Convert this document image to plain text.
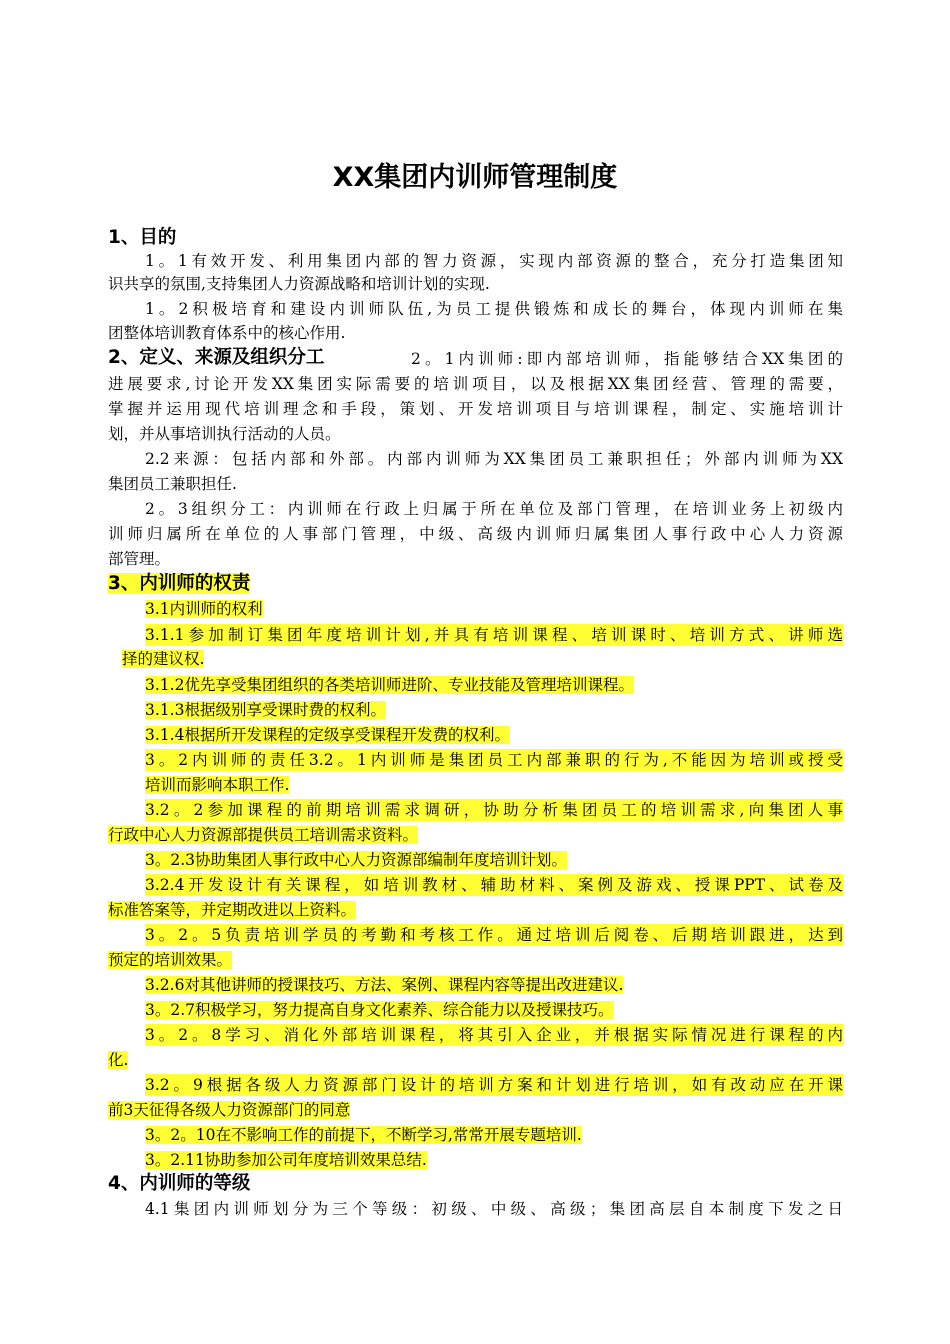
XX集团内训师管理制度
1、目的
1。1有效开发、利用集团内部的智力资源，实现内部资源的整合，充分打造集团知
识共享的氛围,支持集团人力资源战略和培训计划的实现.
1。2积极培育和建设内训师队伍,为员工提供锻炼和成长的舞台，体现内训师在集
团整体培训教育体系中的核心作用.
2、定义、来源及组织分工	2。1内训师:即内部培训师，指能够结合XX集团的
进展要求,讨论开发XX集团实际需要的培训项目，以及根据XX集团经营、管理的需要，
掌握并运用现代培训理念和手段，策划、开发培训项目与培训课程，制定、实施培训计
划，并从事培训执行活动的人员。
2.2来源：包括内部和外部。内部内训师为XX集团员工兼职担任；外部内训师为XX
集团员工兼职担任.
2。3组织分工：内训师在行政上归属于所在单位及部门管理，在培训业务上初级内
训师归属所在单位的人事部门管理，中级、高级内训师归属集团人事行政中心人力资源
部管理。
3、内训师的权责
3.1内训师的权利
3.1.1参加制订集团年度培训计划,并具有培训课程、培训课时、培训方式、讲师选
择的建议权.
3.1.2优先享受集团组织的各类培训师进阶、专业技能及管理培训课程。
3.1.3根据级别享受课时费的权利。
3.1.4根据所开发课程的定级享受课程开发费的权利。
3。2内训师的责任3.2。1内训师是集团员工内部兼职的行为,不能因为培训或授受
培训而影响本职工作.
3.2。2参加课程的前期培训需求调研，协助分析集团员工的培训需求,向集团人事
行政中心人力资源部提供员工培训需求资料。
3。2.3协助集团人事行政中心人力资源部编制年度培训计划。
3.2.4开发设计有关课程，如培训教材、辅助材料、案例及游戏、授课PPT、试卷及
标准答案等，并定期改进以上资料。
3。2。5负责培训学员的考勤和考核工作。通过培训后阅卷、后期培训跟进，达到
预定的培训效果。
3.2.6对其他讲师的授课技巧、方法、案例、课程内容等提出改进建议.
3。2.7积极学习，努力提高自身文化素养、综合能力以及授课技巧。
3。2。8学习、消化外部培训课程，将其引入企业，并根据实际情况进行课程的内
化.
3.2。9根据各级人力资源部门设计的培训方案和计划进行培训，如有改动应在开课
前3天征得各级人力资源部门的同意
3。2。10在不影响工作的前提下，不断学习,常常开展专题培训.
3。2.11协助参加公司年度培训效果总结.
4、内训师的等级
4.1集团内训师划分为三个等级：初级、中级、高级；集团高层自本制度下发之日
